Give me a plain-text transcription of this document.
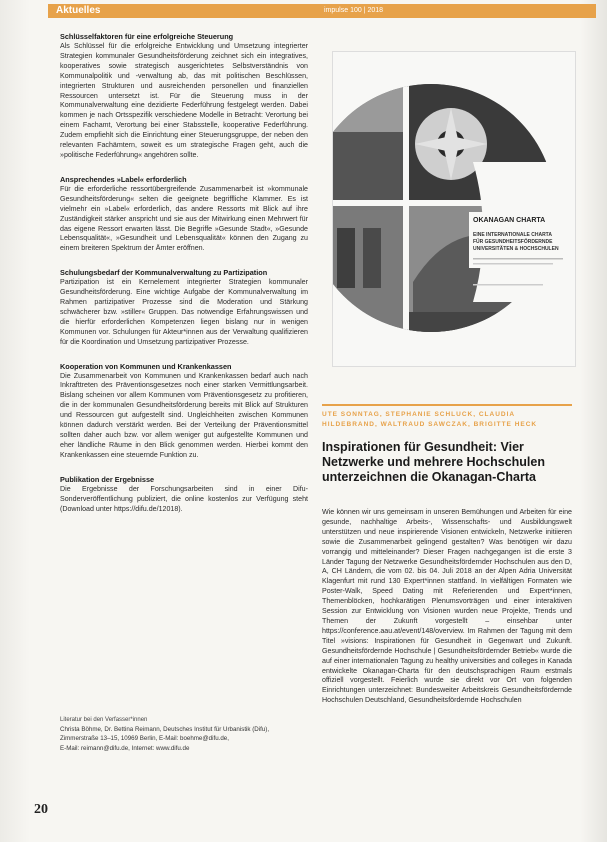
Aktuelles	impulse 100 | 2018
Schlüsselfaktoren für eine erfolgreiche Steuerung

Als Schlüssel für die erfolgreiche Entwicklung und Umsetzung integrierter Strategien kommunaler Gesundheitsförderung zeichnet sich ein integratives, kooperatives sowie strategisch ausgerichtetes Selbstverständnis von Kommunalpolitik und -verwaltung ab, das mit politischen Beschlüssen, integrierten Strukturen und ausreichenden personellen und finanziellen Ressourcen untersetzt ist. Für die Steuerung muss in der Kommunalverwaltung eine dezidierte Federführung festgelegt werden. Dabei kommen je nach Ortsspezifik verschiedene Modelle in Betracht: Verortung bei einem Fachamt, Verortung bei einer Stabsstelle, kooperative Federführung. Zudem empfiehlt sich die Einrichtung einer Steuerungsgruppe, der neben den relevanten Fachämtern, soweit es um strategische Fragen geht, auch die »politische Federführung« angehören sollte.

Ansprechendes »Label« erforderlich

Für die erforderliche ressortübergreifende Zusammenarbeit ist »kommunale Gesundheitsförderung« selten die geeignete begriffliche Klammer. Es ist vielmehr ein »Label« erforderlich, das andere Ressorts mit Blick auf ihre Zuständigkeit stärker anspricht und sie aus der Mitwirkung einen Mehrwert für das eigene Ressort erwarten lässt. Die Begriffe »Gesunde Stadt«, »Gesunde Lebensqualität«, »Gesundheit und Lebensqualität« können den Zugang zu einem breiteren Spektrum der Ämter eröffnen.

Schulungsbedarf der Kommunalverwaltung zu Partizipation

Partizipation ist ein Kernelement integrierter Strategien kommunaler Gesundheitsförderung. Eine wichtige Aufgabe der Kommunalverwaltung im Rahmen partizipativer Prozesse sind die Moderation und Stärkung schwächerer bzw. »stiller« Gruppen. Das notwendige Erfahrungswissen und die hierfür erforderlichen Kompetenzen liegen bislang nur in wenigen Kommunen vor. Schulungen für Akteur*innen aus der Verwaltung qualifizieren für die Koordination und Umsetzung partizipativer Prozesse.

Kooperation von Kommunen und Krankenkassen

Die Zusammenarbeit von Kommunen und Krankenkassen bedarf auch nach Inkrafttreten des Präventionsgesetzes noch einer starken Vermittlungsarbeit. Bislang scheinen vor allem Kommunen vom Präventionsgesetz zu profitieren, die in der kommunalen Gesundheitsförderung bereits mit Blick auf Strukturen und Ressourcen gut aufgestellt sind. Ungleichheiten zwischen Kommunen können dadurch verstärkt werden. Bei der Verteilung der Präventionsmittel sollten daher auch bzw. vor allem weniger gut aufgestellte Kommunen und eher ländliche Räume in den Blick genommen werden. Hierbei kommt den Krankenkassen eine steuernde Funktion zu.

Publikation der Ergebnisse

Die Ergebnisse der Forschungsarbeiten sind in einer Difu-Sonderveröffentlichung publiziert, die online kostenlos zur Verfügung steht (Download unter https://difu.de/12018).

Literatur bei den Verfasser*innen
Christa Böhme, Dr. Bettina Reimann, Deutsches Institut für Urbanistik (Difu), Zimmerstraße 13–15, 10969 Berlin, E-Mail: boehme@difu.de,
E-Mail: reimann@difu.de, Internet: www.difu.de
20
OKANAGAN CHARTA
EINE INTERNATIONALE CHARTA
FÜR GESUNDHEITSFÖRDERNDE
UNIVERSITÄTEN & HOCHSCHULEN
UTE SONNTAG, STEPHANIE SCHLUCK, CLAUDIA HILDEBRAND, WALTRAUD SAWCZAK, BRIGITTE HECK
Inspirationen für Gesundheit: Vier Netzwerke und mehrere Hochschulen unterzeichnen die Okanagan-Charta

Wie können wir uns gemeinsam in unseren Bemühungen und Arbeiten für eine gesunde, nachhaltige Arbeits-, Wissenschafts- und Ausbildungswelt unterstützen und neue inspirierende Visionen entwickeln, Netzwerke initiieren sowie die Zusammenarbeit gelingend gestalten? Was benötigen wir dazu vorrangig und mitteleinander? Dieser Fragen nachgegangen ist die erste 3 Länder Tagung der Netzwerke Gesundheitsfördernder Hochschulen aus den D, A, CH Ländern, die vom 02. bis 04. Juli 2018 an der Alpen Adria Universität Klagenfurt mit rund 130 Expert*innen stattfand. In vielfältigen Formaten wie Poster-Walk, Speed Dating mit Referierenden und Expert*innen, Themenblöcken, hochkarätigen Plenumsvorträgen und einer interaktiven Session zur Entwicklung von Visionen wurden neue Projekte, Trends und Themen der Zukunft vorgestellt – einsehbar unter https://conference.aau.at/event/148/overview. Im Rahmen der Tagung mit dem Titel »visions: Inspirationen für Gesundheit in Gegenwart und Zukunft. Gesundheitsfördernde Hochschule | Gesundheitsfördernder Betrieb« wurde die auf einer internationalen Tagung zu healthy universities and colleges in Kanada entwickelte Okanagan-Charta für den deutschsprachigen Raum erstmals offiziell vorgestellt. Feierlich wurde sie direkt vor Ort von folgenden Einrichtungen unterzeichnet: Bundesweiter Arbeitskreis Gesundheitsfördernde Hochschulen Deutschland, Gesundheitsfördernde Hochschulen
